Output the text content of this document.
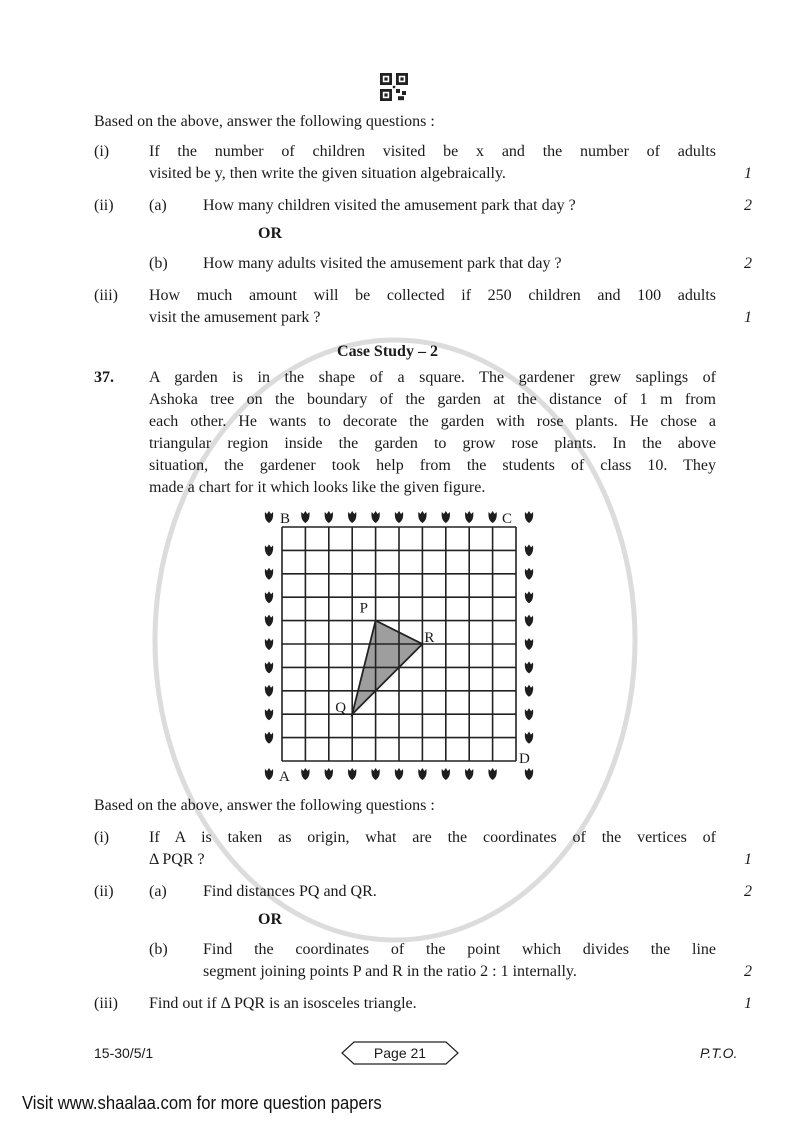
Based on the above, answer the following questions :
(i) If the number of children visited be x and the number of adults
visited be y, then write the given situation algebraically.	1
(ii) (a) How many children visited the amusement park that day ?	2
OR
(b) How many adults visited the amusement park that day ?	2
(iii) How much amount will be collected if 250 children and 100 adults
visit the amusement park ?	1
Case Study – 2
37. A garden is in the shape of a square. The gardener grew saplings of
Ashoka tree on the boundary of the garden at the distance of 1 m from
each other. He wants to decorate the garden with rose plants. He chose a
triangular region inside the garden to grow rose plants. In the above
situation, the gardener took help from the students of class 10. They
made a chart for it which looks like the given figure.
B	C
A
D
P
R
Q
Based on the above, answer the following questions :
(i) If A is taken as origin, what are the coordinates of the vertices of
Δ PQR ?	1
(ii) (a) Find distances PQ and QR.	2
OR
(b) Find the coordinates of the point which divides the line
segment joining points P and R in the ratio 2 : 1 internally.	2
(iii) Find out if Δ PQR is an isosceles triangle.	1
15-30/5/1	Page 21	P.T.O.
Visit www.shaalaa.com for more question papers
